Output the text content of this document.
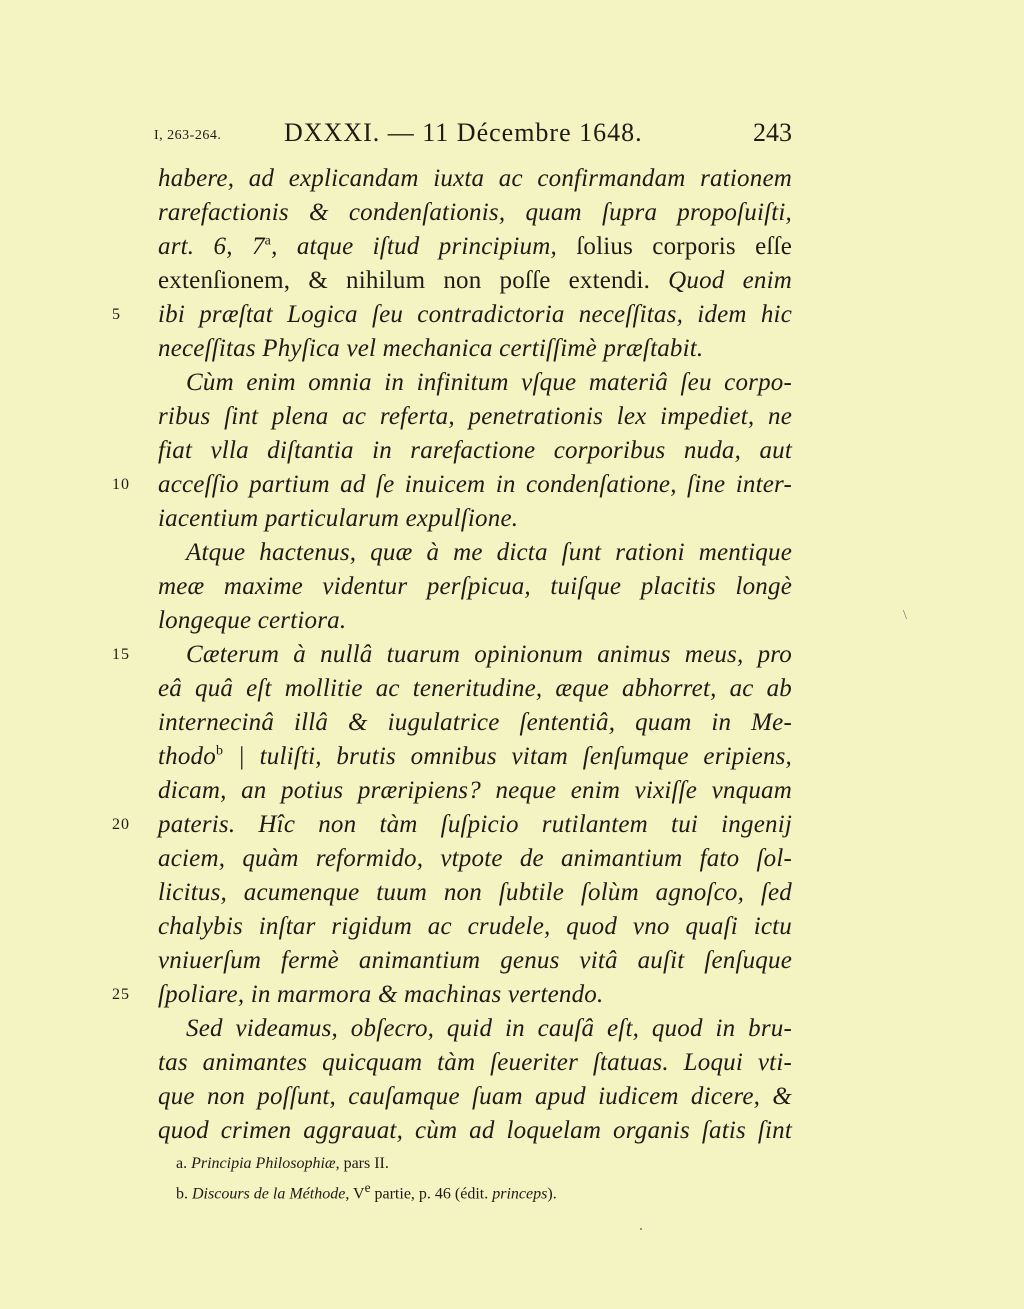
I, 263-264. DXXXI. — 11 Décembre 1648.	243
habere, ad explicandam iuxta ac confirmandam rationem
rarefactionis & condenſationis, quam ſupra propoſuiſti,
art. 6, 7$^a$, atque iſtud principium, ſolius corporis eſſe
extenſionem, & nihilum non poſſe extendi. Quod enim
ibi præſtat Logica ſeu contradictoria neceſſitas, idem hic
neceſſitas Phyſica vel mechanica certiſſimè præſtabit.
Cùm enim omnia in infinitum vſque materiâ ſeu corpo-
ribus ſint plena ac referta, penetrationis lex impediet, ne
fiat vlla diſtantia in rarefactione corporibus nuda, aut
acceſſio partium ad ſe inuicem in condenſatione, ſine inter-
iacentium particularum expulſione.
Atque hactenus, quæ à me dicta ſunt rationi mentique
meæ maxime videntur perſpicua, tuiſque placitis longè
longeque certiora.
Cæterum à nullâ tuarum opinionum animus meus, pro
eâ quâ eſt mollitie ac teneritudine, æque abhorret, ac ab
internecinâ illâ & iugulatrice ſententiâ, quam in Me-
thodo$^b$ | tuliſti, brutis omnibus vitam ſenſumque eripiens,
dicam, an potius præripiens? neque enim vixiſſe vnquam
pateris. Hîc non tàm ſuſpicio rutilantem tui ingenij
aciem, quàm reformido, vtpote de animantium fato ſol-
licitus, acumenque tuum non ſubtile ſolùm agnoſco, ſed
chalybis inſtar rigidum ac crudele, quod vno quaſi ictu
vniuerſum fermè animantium genus vitâ auſit ſenſuque
ſpoliare, in marmora & machinas vertendo.
Sed videamus, obſecro, quid in cauſâ eſt, quod in bru-
tas animantes quicquam tàm ſeueriter ſtatuas. Loqui vti-
que non poſſunt, cauſamque ſuam apud iudicem dicere, &
quod crimen aggrauat, cùm ad loquelam organis ſatis ſint
5
10
15
20
25
\
a. Principia Philosophiæ, pars II.
b. Discours de la Méthode, Ve partie, p. 46 (édit. princeps).
